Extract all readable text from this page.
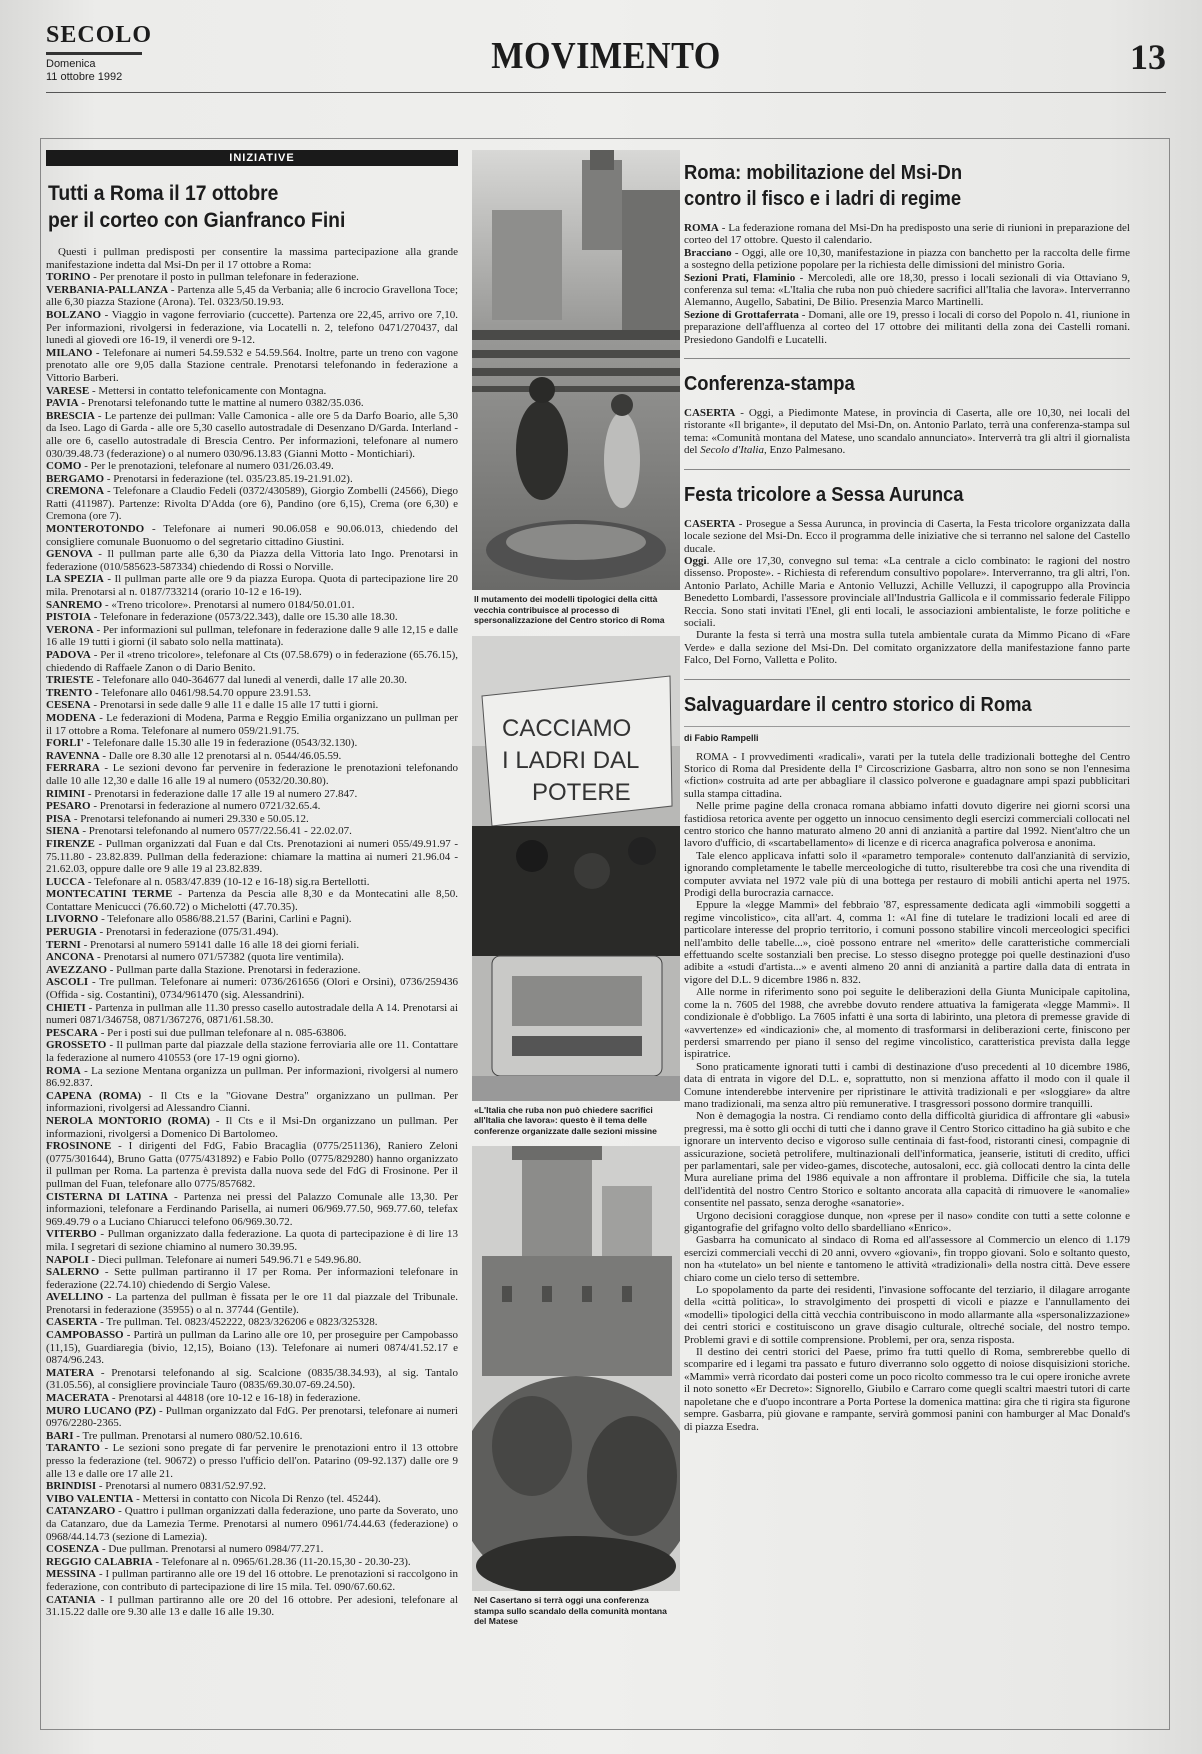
SECOLO
Domenica
11 ottobre 1992	MOVIMENTO	13
INIZIATIVE
Tutti a Roma il 17 ottobre
per il corteo con Gianfranco Fini

Questi i pullman predisposti per consentire la massima partecipazione alla grande manifestazione indetta dal Msi-Dn per il 17 ottobre a Roma:

TORINO - Per prenotare il posto in pullman telefonare in federazione.

VERBANIA-PALLANZA - Partenza alle 5,45 da Verbania; alle 6 incrocio Gravellona Toce; alle 6,30 piazza Stazione (Arona). Tel. 0323/50.19.93.

BOLZANO - Viaggio in vagone ferroviario (cuccette). Partenza ore 22,45, arrivo ore 7,10. Per informazioni, rivolgersi in federazione, via Locatelli n. 2, telefono 0471/270437, dal lunedì al giovedì ore 16-19, il venerdì ore 9-12.

MILANO - Telefonare ai numeri 54.59.532 e 54.59.564. Inoltre, parte un treno con vagone prenotato alle ore 9,05 dalla Stazione centrale. Prenotarsi telefonando in federazione a Vittorio Barberi.

VARESE - Mettersi in contatto telefonicamente con Montagna.

PAVIA - Prenotarsi telefonando tutte le mattine al numero 0382/35.036.

BRESCIA - Le partenze dei pullman: Valle Camonica - alle ore 5 da Darfo Boario, alle 5,30 da Iseo. Lago di Garda - alle ore 5,30 casello autostradale di Desenzano D/Garda. Interland - alle ore 6, casello autostradale di Brescia Centro. Per informazioni, telefonare al numero 030/39.48.73 (federazione) o al numero 030/96.13.83 (Gianni Motto - Montichiari).

COMO - Per le prenotazioni, telefonare al numero 031/26.03.49.

BERGAMO - Prenotarsi in federazione (tel. 035/23.85.19-21.91.02).

CREMONA - Telefonare a Claudio Fedeli (0372/430589), Giorgio Zombelli (24566), Diego Ratti (411987). Partenze: Rivolta D'Adda (ore 6), Pandino (ore 6,15), Crema (ore 6,30) e Cremona (ore 7).

MONTEROTONDO - Telefonare ai numeri 90.06.058 e 90.06.013, chiedendo del consigliere comunale Buonuomo o del segretario cittadino Giustini.

GENOVA - Il pullman parte alle 6,30 da Piazza della Vittoria lato Ingo. Prenotarsi in federazione (010/585623-587334) chiedendo di Rossi o Norville.

LA SPEZIA - Il pullman parte alle ore 9 da piazza Europa. Quota di partecipazione lire 20 mila. Prenotarsi al n. 0187/733214 (orario 10-12 e 16-19).

SANREMO - «Treno tricolore». Prenotarsi al numero 0184/50.01.01.

PISTOIA - Telefonare in federazione (0573/22.343), dalle ore 15.30 alle 18.30.

VERONA - Per informazioni sul pullman, telefonare in federazione dalle 9 alle 12,15 e dalle 16 alle 19 tutti i giorni (il sabato solo nella mattinata).

PADOVA - Per il «treno tricolore», telefonare al Cts (07.58.679) o in federazione (65.76.15), chiedendo di Raffaele Zanon o di Dario Benito.

TRIESTE - Telefonare allo 040-364677 dal lunedì al venerdì, dalle 17 alle 20.30.

TRENTO - Telefonare allo 0461/98.54.70 oppure 23.91.53.

CESENA - Prenotarsi in sede dalle 9 alle 11 e dalle 15 alle 17 tutti i giorni.

MODENA - Le federazioni di Modena, Parma e Reggio Emilia organizzano un pullman per il 17 ottobre a Roma. Telefonare al numero 059/21.91.75.

FORLI' - Telefonare dalle 15.30 alle 19 in federazione (0543/32.130).

RAVENNA - Dalle ore 8.30 alle 12 prenotarsi al n. 0544/46.05.59.

FERRARA - Le sezioni devono far pervenire in federazione le prenotazioni telefonando dalle 10 alle 12,30 e dalle 16 alle 19 al numero (0532/20.30.80).

RIMINI - Prenotarsi in federazione dalle 17 alle 19 al numero 27.847.

PESARO - Prenotarsi in federazione al numero 0721/32.65.4.

PISA - Prenotarsi telefonando ai numeri 29.330 e 50.05.12.

SIENA - Prenotarsi telefonando al numero 0577/22.56.41 - 22.02.07.

FIRENZE - Pullman organizzati dal Fuan e dal Cts. Prenotazioni ai numeri 055/49.91.97 - 75.11.80 - 23.82.839. Pullman della federazione: chiamare la mattina ai numeri 21.96.04 - 21.62.03, oppure dalle ore 9 alle 19 al 23.82.839.

LUCCA - Telefonare al n. 0583/47.839 (10-12 e 16-18) sig.ra Bertellotti.

MONTECATINI TERME - Partenza da Pescia alle 8,30 e da Montecatini alle 8,50. Contattare Menicucci (76.60.72) o Michelotti (47.70.35).

LIVORNO - Telefonare allo 0586/88.21.57 (Barini, Carlini e Pagni).

PERUGIA - Prenotarsi in federazione (075/31.494).

TERNI - Prenotarsi al numero 59141 dalle 16 alle 18 dei giorni feriali.

ANCONA - Prenotarsi al numero 071/57382 (quota lire ventimila).

AVEZZANO - Pullman parte dalla Stazione. Prenotarsi in federazione.

ASCOLI - Tre pullman. Telefonare ai numeri: 0736/261656 (Olori e Orsini), 0736/259436 (Offida - sig. Costantini), 0734/961470 (sig. Alessandrini).

CHIETI - Partenza in pullman alle 11.30 presso casello autostradale della A 14. Prenotarsi ai numeri 0871/346758, 0871/367276, 0871/61.58.30.

PESCARA - Per i posti sui due pullman telefonare al n. 085-63806.

GROSSETO - Il pullman parte dal piazzale della stazione ferroviaria alle ore 11. Contattare la federazione al numero 410553 (ore 17-19 ogni giorno).

ROMA - La sezione Mentana organizza un pullman. Per informazioni, rivolgersi al numero 86.92.837.

CAPENA (ROMA) - Il Cts e la "Giovane Destra" organizzano un pullman. Per informazioni, rivolgersi ad Alessandro Cianni.

NEROLA MONTORIO (ROMA) - Il Cts e il Msi-Dn organizzano un pullman. Per informazioni, rivolgersi a Domenico Di Bartolomeo.

FROSINONE - I dirigenti del FdG, Fabio Bracaglia (0775/251136), Raniero Zeloni (0775/301644), Bruno Gatta (0775/431892) e Fabio Pollo (0775/829280) hanno organizzato il pullman per Roma. La partenza è prevista dalla nuova sede del FdG di Frosinone. Per il pullman del Fuan, telefonare allo 0775/857682.

CISTERNA DI LATINA - Partenza nei pressi del Palazzo Comunale alle 13,30. Per informazioni, telefonare a Ferdinando Parisella, ai numeri 06/969.77.50, 969.77.60, telefax 969.49.79 o a Luciano Chiarucci telefono 06/969.30.72.

VITERBO - Pullman organizzato dalla federazione. La quota di partecipazione è di lire 13 mila. I segretari di sezione chiamino al numero 30.39.95.

NAPOLI - Dieci pullman. Telefonare ai numeri 549.96.71 e 549.96.80.

SALERNO - Sette pullman partiranno il 17 per Roma. Per informazioni telefonare in federazione (22.74.10) chiedendo di Sergio Valese.

AVELLINO - La partenza del pullman è fissata per le ore 11 dal piazzale del Tribunale. Prenotarsi in federazione (35955) o al n. 37744 (Gentile).

CASERTA - Tre pullman. Tel. 0823/452222, 0823/326206 e 0823/325328.

CAMPOBASSO - Partirà un pullman da Larino alle ore 10, per proseguire per Campobasso (11,15), Guardiaregia (bivio, 12,15), Boiano (13). Telefonare ai numeri 0874/41.52.17 e 0874/96.243.

MATERA - Prenotarsi telefonando al sig. Scalcione (0835/38.34.93), al sig. Tantalo (31.05.56), al consigliere provinciale Tauro (0835/69.30.07-69.24.50).

MACERATA - Prenotarsi al 44818 (ore 10-12 e 16-18) in federazione.

MURO LUCANO (PZ) - Pullman organizzato dal FdG. Per prenotarsi, telefonare ai numeri 0976/2280-2365.

BARI - Tre pullman. Prenotarsi al numero 080/52.10.616.

TARANTO - Le sezioni sono pregate di far pervenire le prenotazioni entro il 13 ottobre presso la federazione (tel. 90672) o presso l'ufficio dell'on. Patarino (09-92.137) dalle ore 9 alle 13 e dalle ore 17 alle 21.

BRINDISI - Prenotarsi al numero 0831/52.97.92.

VIBO VALENTIA - Mettersi in contatto con Nicola Di Renzo (tel. 45244).

CATANZARO - Quattro i pullman organizzati dalla federazione, uno parte da Soverato, uno da Catanzaro, due da Lamezia Terme. Prenotarsi al numero 0961/74.44.63 (federazione) o 0968/44.14.73 (sezione di Lamezia).

COSENZA - Due pullman. Prenotarsi al numero 0984/77.271.

REGGIO CALABRIA - Telefonare al n. 0965/61.28.36 (11-20.15,30 - 20.30-23).

MESSINA - I pullman partiranno alle ore 19 del 16 ottobre. Le prenotazioni si raccolgono in federazione, con contributo di partecipazione di lire 15 mila. Tel. 090/67.60.62.

CATANIA - I pullman partiranno alle ore 20 del 16 ottobre. Per adesioni, telefonare al 31.15.22 dalle ore 9.30 alle 13 e dalle 16 alle 19.30.

Il mutamento dei modelli tipologici della città vecchia contribuisce al processo di spersonalizzazione del Centro storico di Roma
CACCIAMO
I LADRI DAL
POTERE
«L'Italia che ruba non può chiedere sacrifici all'Italia che lavora»: questo è il tema delle conferenze organizzate dalle sezioni missine
Nel Casertano si terrà oggi una conferenza stampa sullo scandalo della comunità montana del Matese
Roma: mobilitazione del Msi-Dn
contro il fisco e i ladri di regime

ROMA - La federazione romana del Msi-Dn ha predisposto una serie di riunioni in preparazione del corteo del 17 ottobre. Questo il calendario.

Bracciano - Oggi, alle ore 10,30, manifestazione in piazza con banchetto per la raccolta delle firme a sostegno della petizione popolare per la richiesta delle dimissioni del ministro Goria.

Sezioni Prati, Flaminio - Mercoledì, alle ore 18,30, presso i locali sezionali di via Ottaviano 9, conferenza sul tema: «L'Italia che ruba non può chiedere sacrifici all'Italia che lavora». Interverranno Alemanno, Augello, Sabatini, De Bilio. Presenzia Marco Martinelli.

Sezione di Grottaferrata - Domani, alle ore 19, presso i locali di corso del Popolo n. 41, riunione in preparazione dell'affluenza al corteo del 17 ottobre dei militanti della zona dei Castelli romani. Presiedono Gandolfi e Lucatelli.

Conferenza-stampa

CASERTA - Oggi, a Piedimonte Matese, in provincia di Caserta, alle ore 10,30, nei locali del ristorante «Il brigante», il deputato del Msi-Dn, on. Antonio Parlato, terrà una conferenza-stampa sul tema: «Comunità montana del Matese, uno scandalo annunciato». Interverrà tra gli altri il giornalista del Secolo d'Italia, Enzo Palmesano.

Festa tricolore a Sessa Aurunca

CASERTA - Prosegue a Sessa Aurunca, in provincia di Caserta, la Festa tricolore organizzata dalla locale sezione del Msi-Dn. Ecco il programma delle iniziative che si terranno nel salone del Castello ducale.

Oggi. Alle ore 17,30, convegno sul tema: «La centrale a ciclo combinato: le ragioni del nostro dissenso. Proposte». - Richiesta di referendum consultivo popolare». Interverranno, tra gli altri, l'on. Antonio Parlato, Achille Maria e Antonio Velluzzi, Achille Velluzzi, il capogruppo alla Provincia Benedetto Lombardi, l'assessore provinciale all'Industria Gallicola e il commissario federale Filippo Reccia. Sono stati invitati l'Enel, gli enti locali, le associazioni ambientaliste, le forze politiche e sociali.

Durante la festa si terrà una mostra sulla tutela ambientale curata da Mimmo Picano di «Fare Verde» e dalla sezione del Msi-Dn. Del comitato organizzatore della manifestazione fanno parte Falco, Del Forno, Valletta e Polito.

Salvaguardare il centro storico di Roma
di Fabio Rampelli

ROMA - I provvedimenti «radicali», varati per la tutela delle tradizionali botteghe del Centro Storico di Roma dal Presidente della I° Circoscrizione Gasbarra, altro non sono se non l'ennesima «fiction» costruita ad arte per abbagliare il classico polverone e guadagnare ampi spazi pubblicitari sulla stampa cittadina.

Nelle prime pagine della cronaca romana abbiamo infatti dovuto digerire nei giorni scorsi una fastidiosa retorica avente per oggetto un innocuo censimento degli esercizi commerciali collocati nel centro storico che hanno maturato almeno 20 anni di anzianità a partire dal 1992. Nient'altro che un lavoro d'ufficio, di «scartabellamento» di licenze e di ricerca anagrafica polverosa e anonima.

Tale elenco applicava infatti solo il «parametro temporale» contenuto dall'anzianità di servizio, ignorando completamente le tabelle merceologiche di tutto, risulterebbe tra così che una rivendita di computer avviata nel 1972 vale più di una bottega per restauro di mobili antichi aperta nel 1975. Prodigi della burocrazia carnacce.

Eppure la «legge Mammì» del febbraio '87, espressamente dedicata agli «immobili soggetti a regime vincolistico», cita all'art. 4, comma 1: «Al fine di tutelare le tradizioni locali ed aree di particolare interesse del proprio territorio, i comuni possono stabilire vincoli merceologici specifici nell'ambito delle tabelle...», cioè possono entrare nel «merito» delle caratteristiche commerciali effettuando scelte sostanziali ben precise. Lo stesso disegno protegge poi quelle destinazioni d'uso adibite a «studi d'artista...» e aventi almeno 20 anni di anzianità a partire dalla data di entrata in vigore del D.L. 9 dicembre 1986 n. 832.

Alle norme in riferimento sono poi seguite le deliberazioni della Giunta Municipale capitolina, come la n. 7605 del 1988, che avrebbe dovuto rendere attuativa la famigerata «legge Mammì». Il condizionale è d'obbligo. La 7605 infatti è una sorta di labirinto, una pletora di premesse gravide di «avvertenze» ed «indicazioni» che, al momento di trasformarsi in deliberazioni certe, finiscono per perdersi smarrendo per piano il senso del regime vincolistico, caratteristica prevista dalla legge ispiratrice.

Sono praticamente ignorati tutti i cambi di destinazione d'uso precedenti al 10 dicembre 1986, data di entrata in vigore del D.L. e, soprattutto, non si menziona affatto il modo con il quale il Comune intenderebbe intervenire per ripristinare le attività tradizionali e per «sloggiare» da altre mano tradizionali, ma senza altro più remunerative. I trasgressori possono dormire tranquilli.

Non è demagogia la nostra. Ci rendiamo conto della difficoltà giuridica di affrontare gli «abusi» pregressi, ma è sotto gli occhi di tutti che i danno grave il Centro Storico cittadino ha già subito e che ignorare un intervento deciso e vigoroso sulle centinaia di fast-food, ristoranti cinesi, compagnie di assicurazione, società petrolifere, multinazionali dell'informatica, jeanserie, istituti di credito, uffici per parlamentari, sale per video-games, discoteche, autosaloni, ecc. già collocati dentro la cinta delle Mura aureliane prima del 1986 equivale a non affrontare il problema. Difficile che sia, la tutela dell'identità del nostro Centro Storico e soltanto ancorata alla capacità di rimuovere le «anomalie» consentite nel passato, senza deroghe «sanatorie».

Urgono decisioni coraggiose dunque, non «prese per il naso» condite con tutti a sette colonne e gigantografie del grifagno volto dello sbardelliano «Enrico».

Gasbarra ha comunicato al sindaco di Roma ed all'assessore al Commercio un elenco di 1.179 esercizi commerciali vecchi di 20 anni, ovvero «giovani», fin troppo giovani. Solo e soltanto questo, non ha «tutelato» un bel niente e tantomeno le attività «tradizionali» della nostra città. Deve essere chiaro come un cielo terso di settembre.

Lo spopolamento da parte dei residenti, l'invasione soffocante del terziario, il dilagare arrogante della «città politica», lo stravolgimento dei prospetti di vicoli e piazze e l'annullamento dei «modelli» tipologici della città vecchia contribuiscono in modo allarmante alla «spersonalizzazione» dei centri storici e costituiscono un grave disagio culturale, oltreché sociale, del nostro tempo. Problemi gravi e di sottile comprensione. Problemi, per ora, senza risposta.

Il destino dei centri storici del Paese, primo fra tutti quello di Roma, sembrerebbe quello di scomparire ed i legami tra passato e futuro diverranno solo oggetto di noiose disquisizioni storiche. «Mammì» verrà ricordato dai posteri come un poco ricolto commesso tra le cui opere ironiche avrete il noto sonetto «Er Decreto»: Signorello, Giubilo e Carraro come quegli scaltri maestri tutori di carte napoletane che e d'uopo incontrare a Porta Portese la domenica mattina: gira che ti rigira sta figurone sempre. Gasbarra, più giovane e rampante, servirà gommosi panini con hamburger al Mac Donald's di piazza Esedra.
